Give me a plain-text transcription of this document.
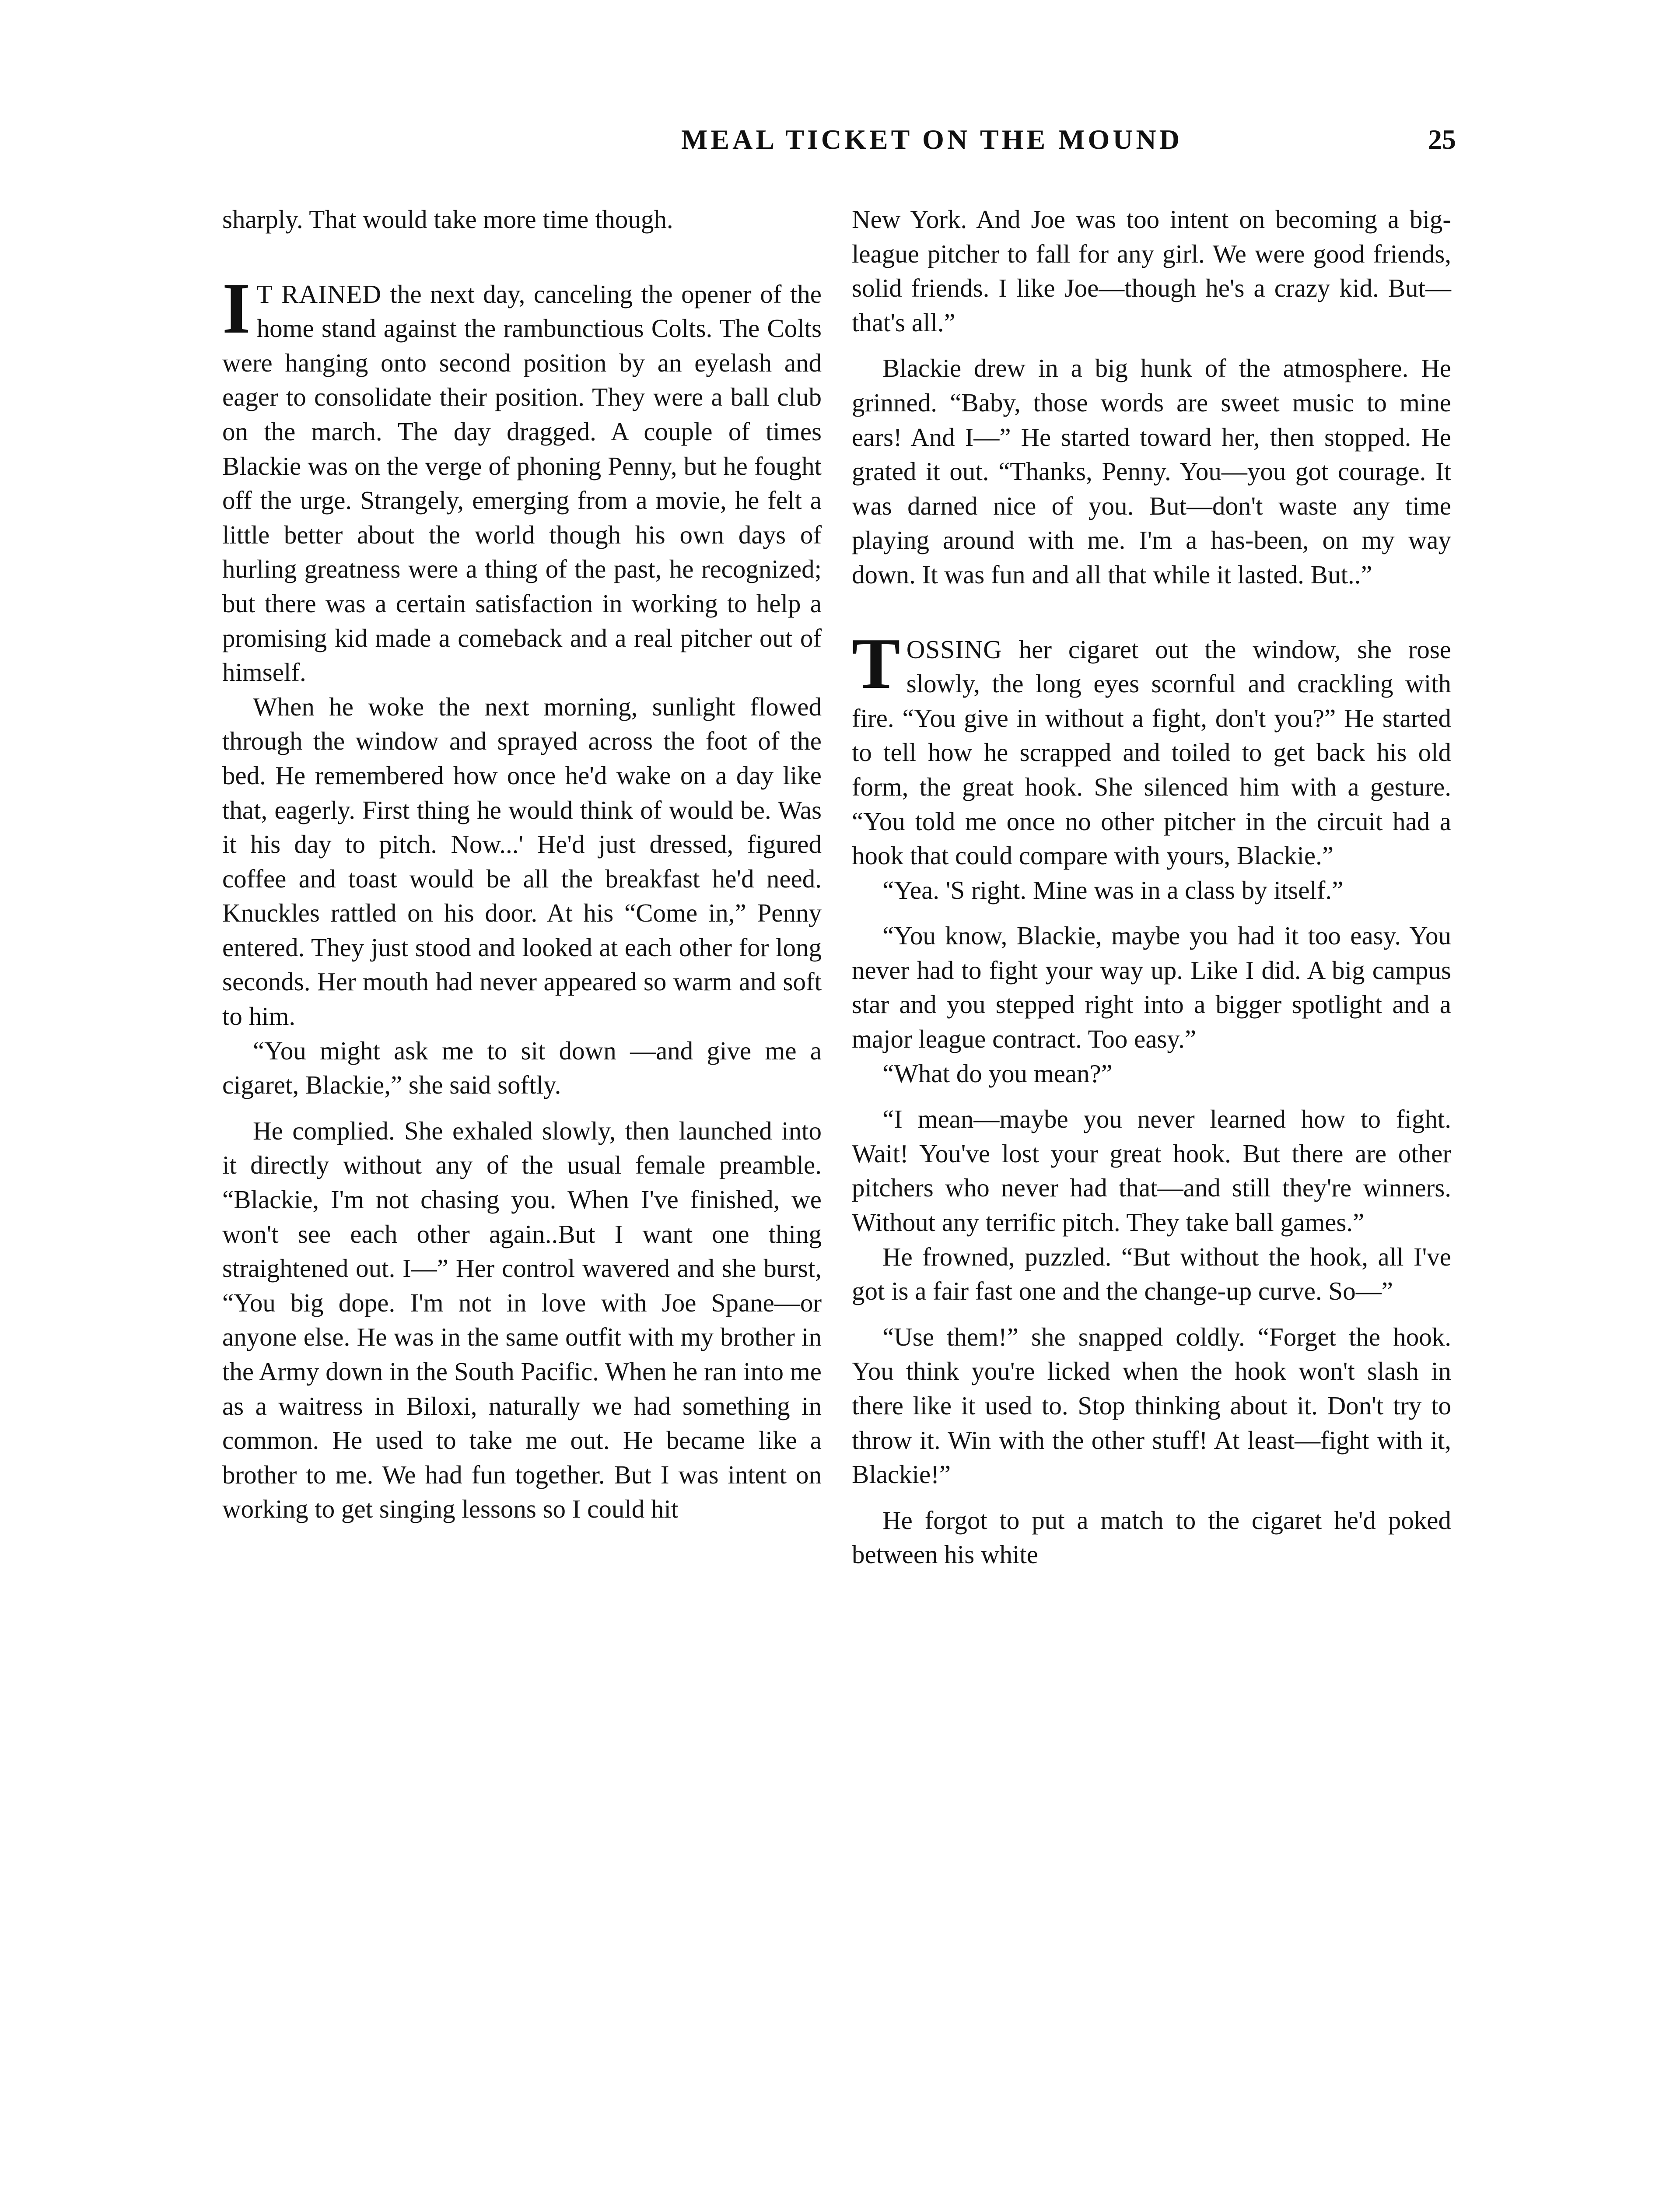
MEAL TICKET ON THE MOUND	25

sharply. That would take more time though.

I T RAINED the next day, canceling the opener of the home stand against the rambunctious Colts. The Colts were hanging onto second position by an eyelash and eager to consolidate their position. They were a ball club on the march. The day dragged. A couple of times Blackie was on the verge of phoning Penny, but he fought off the urge. Strangely, emerging from a movie, he felt a little better about the world though his own days of hurling greatness were a thing of the past, he recognized; but there was a certain satisfaction in working to help a promising kid made a comeback and a real pitcher out of himself.

When he woke the next morning, sunlight flowed through the window and sprayed across the foot of the bed. He remembered how once he'd wake on a day like that, eagerly. First thing he would think of would be. Was it his day to pitch. Now...' He'd just dressed, figured coffee and toast would be all the breakfast he'd need. Knuckles rattled on his door. At his “Come in,” Penny entered. They just stood and looked at each other for long seconds. Her mouth had never appeared so warm and soft to him.

“You might ask me to sit down —and give me a cigaret, Blackie,” she said softly.

He complied. She exhaled slowly, then launched into it directly without any of the usual female preamble. “Blackie, I'm not chasing you. When I've finished, we won't see each other again..But I want one thing straightened out. I—” Her control wavered and she burst, “You big dope. I'm not in love with Joe Spane—or anyone else. He was in the same outfit with my brother in the Army down in the South Pacific. When he ran into me as a waitress in Biloxi, naturally we had something in common. He used to take me out. He became like a brother to me. We had fun together. But I was intent on working to get singing lessons so I could hit

New York. And Joe was too intent on becoming a big-league pitcher to fall for any girl. We were good friends, solid friends. I like Joe—though he's a crazy kid. But—that's all.”

Blackie drew in a big hunk of the atmosphere. He grinned. “Baby, those words are sweet music to mine ears! And I—” He started toward her, then stopped. He grated it out. “Thanks, Penny. You—you got courage. It was darned nice of you. But—don't waste any time playing around with me. I'm a has-been, on my way down. It was fun and all that while it lasted. But..”

TOSSING her cigaret out the window, she rose slowly, the long eyes scornful and crackling with fire. “You give in without a fight, don't you?” He started to tell how he scrapped and toiled to get back his old form, the great hook. She silenced him with a gesture. “You told me once no other pitcher in the circuit had a hook that could compare with yours, Blackie.”

“Yea. 'S right. Mine was in a class by itself.”

“You know, Blackie, maybe you had it too easy. You never had to fight your way up. Like I did. A big campus star and you stepped right into a bigger spotlight and a major league contract. Too easy.”

“What do you mean?”

“I mean—maybe you never learned how to fight. Wait! You've lost your great hook. But there are other pitchers who never had that—and still they're winners. Without any terrific pitch. They take ball games.”

He frowned, puzzled. “But without the hook, all I've got is a fair fast one and the change-up curve. So—”

“Use them!” she snapped coldly. “Forget the hook. You think you're licked when the hook won't slash in there like it used to. Stop thinking about it. Don't try to throw it. Win with the other stuff! At least—fight with it, Blackie!”

He forgot to put a match to the cigaret he'd poked between his white
